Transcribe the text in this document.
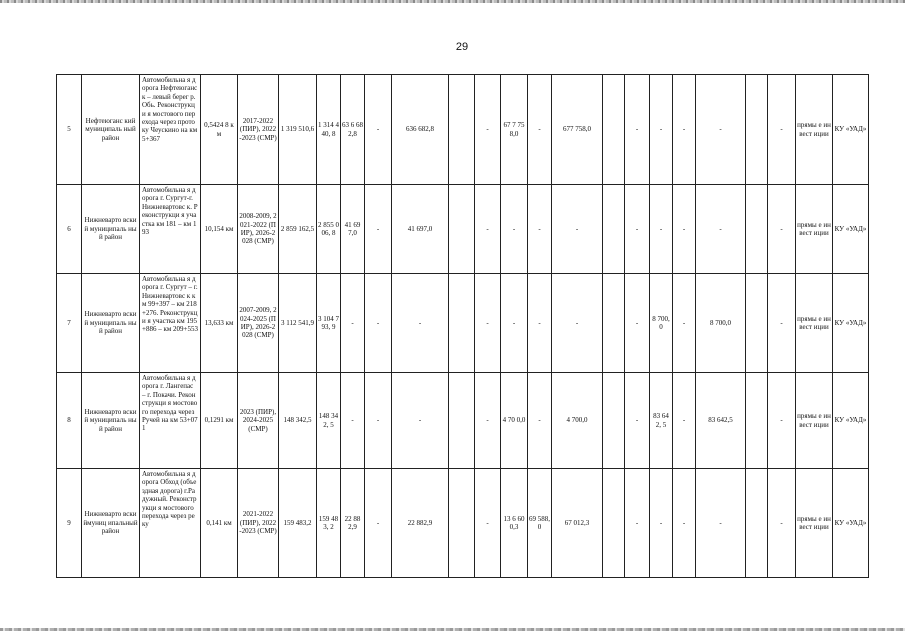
29
5	Нефтеюганс кий муниципаль ный район	Автомобильна я дорога Нефтеюганск – левый берег р. Обь. Реконструкци я мостового перехода через протоку Чеускино на км 5+367	0,5424 8 км	2017-2022 (ПИР), 2022-2023 (СМР)	1 319 510,6	1 314 440, 8	63 6 68 2,8	-	636 682,8		-	67 7 75 8,0	-	677 758,0		-	-	-	-		-	прямы е инвест иции	КУ «УАД»
6	Нижневарто вский муниципаль ный район	Автомобильна я дорога г. Сургут-г. Нижневартовс к. Реконструкци я участка км 181 – км 193	10,154 км	2008-2009, 2021-2022 (ПИР), 2026-2028 (СМР)	2 859 162,5	2 855 006, 8	41 69 7,0	-	41 697,0		-	-	-	-		-	-	-	-		-	прямы е инвест иции	КУ «УАД»
7	Нижневарто вский муниципаль ный район	Автомобильна я дорога г. Сургут – г. Нижневартовс к км 99+397 – км 218+276. Реконструкци я участка км 195+886 – км 209+553	13,633 км	2007-2009, 2024-2025 (ПИР), 2026-2028 (СМР)	3 112 541,9	3 104 793, 9	-	-	-		-	-	-	-		-	8 700, 0	-	8 700,0		-	прямы е инвест иции	КУ «УАД»
8	Нижневарто вский муниципаль ный район	Автомобильна я дорога г. Лангепас – г. Покачи. Реконструкци я мостового перехода через Ручей на км 53+071	0,1291 км	2023 (ПИР), 2024-2025 (СМР)	148 342,5	148 342, 5	-	-	-		-	4 70 0,0	-	4 700,0		-	83 642, 5	-	83 642,5		-	прямы е инвест иции	КУ «УАД»
9	Нижневарто вскиймуниц ипальный район	Автомобильна я дорога Обход (объездная дорога) г.Радужный. Реконструкци я мостового перехода через реку	0,141 км	2021-2022 (ПИР), 2022-2023 (СМР)	159 483,2	159 483, 2	22 88 2,9	-	22 882,9		-	13 6 60 0,3	69 588,0	67 012,3		-	-	-	-		-	прямы е инвест иции	КУ «УАД»
